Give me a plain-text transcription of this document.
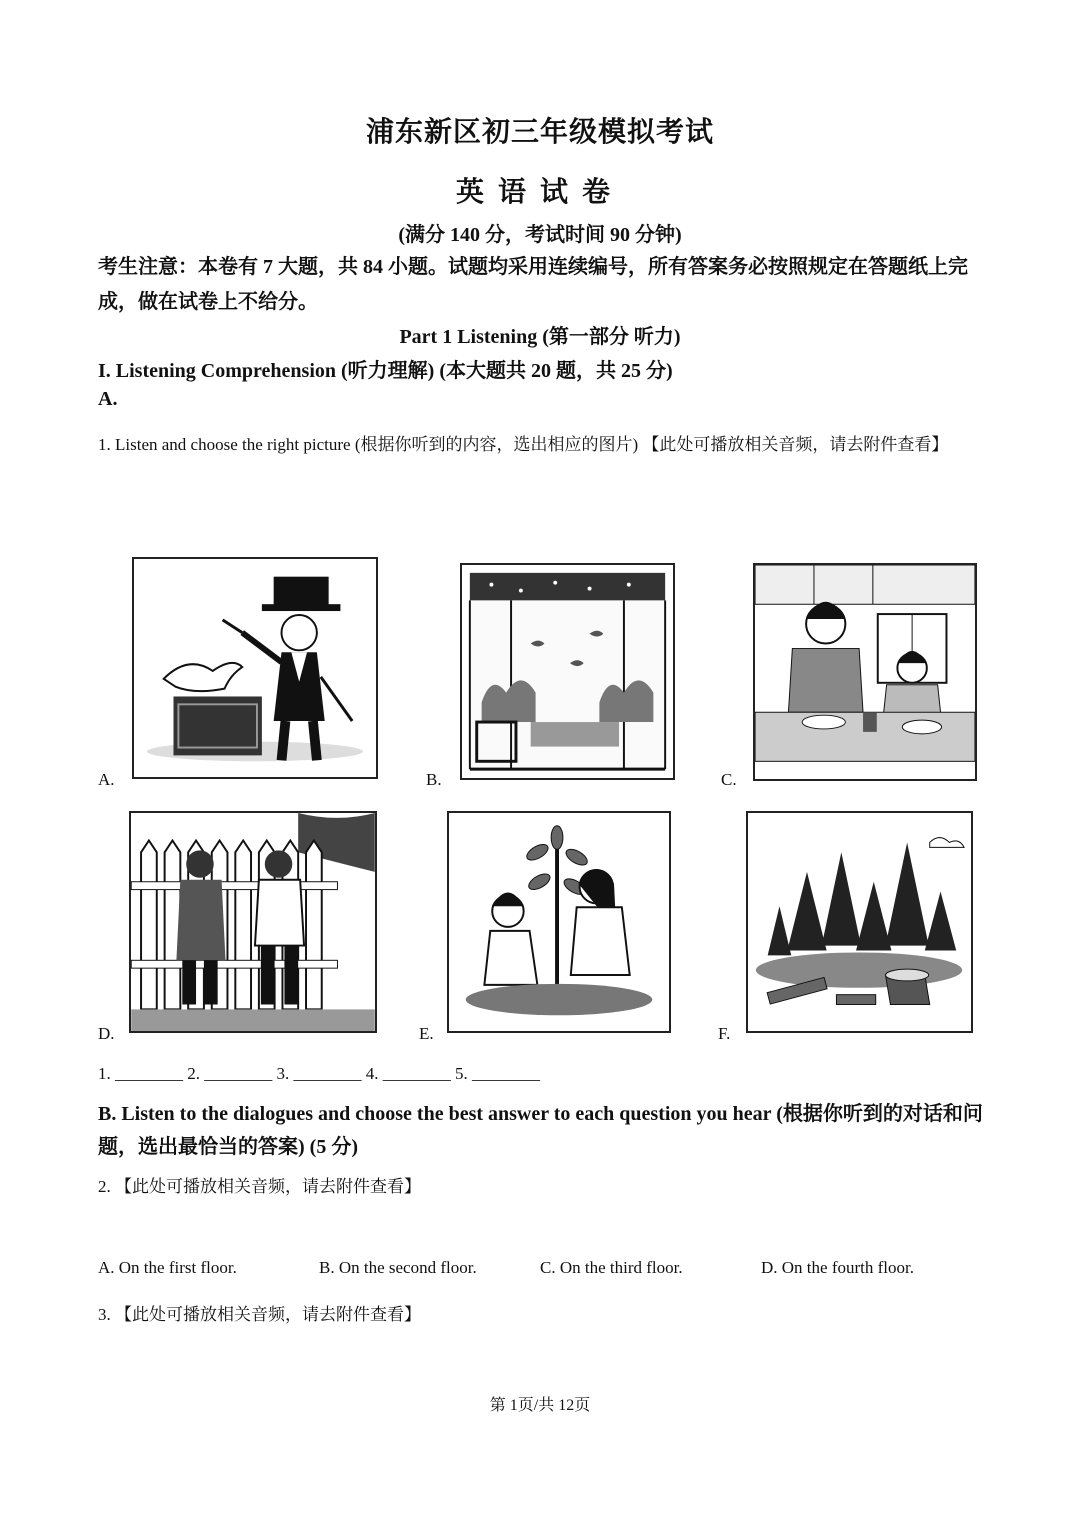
浦东新区初三年级模拟考试
英语试卷
(满分 140 分，考试时间 90 分钟)
考生注意：本卷有 7 大题，共 84 小题。试题均采用连续编号，所有答案务必按照规定在答题纸上完成，做在试卷上不给分。
Part 1 Listening (第一部分 听力)
I. Listening Comprehension (听力理解) (本大题共 20 题，共 25 分)
A.
1. Listen and choose the right picture (根据你听到的内容，选出相应的图片) 【此处可播放相关音频，请去附件查看】
A.	B.	C.
D.	E.	F.
1. ________ 2. ________ 3. ________ 4. ________ 5. ________
B. Listen to the dialogues and choose the best answer to each question you hear (根据你听到的对话和问题，选出最恰当的答案) (5 分)
2. 【此处可播放相关音频，请去附件查看】
A. On the first floor.	B. On the second floor.	C. On the third floor.	D. On the fourth floor.
3. 【此处可播放相关音频，请去附件查看】
第 1页/共 12页
